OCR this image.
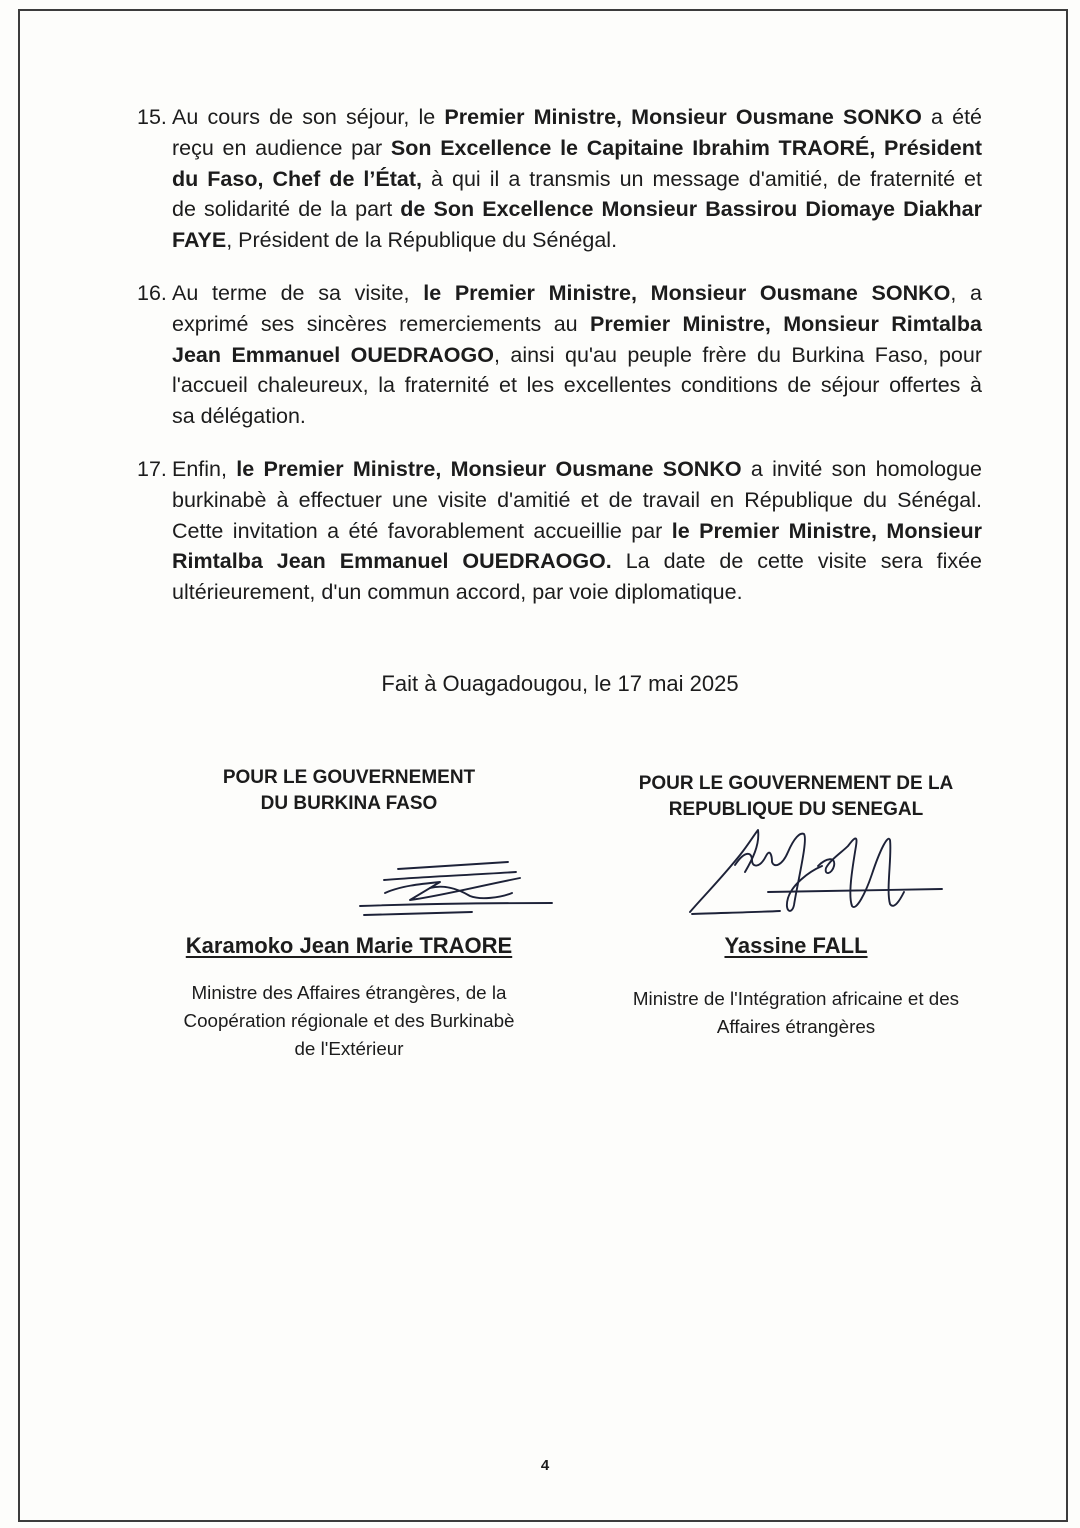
15. Au cours de son séjour, le Premier Ministre, Monsieur Ousmane SONKO a été
reçu en audience par Son Excellence le Capitaine Ibrahim TRAORÉ, Président
du Faso, Chef de l’État, à qui il a transmis un message d'amitié, de fraternité et
de solidarité de la part de Son Excellence Monsieur Bassirou Diomaye Diakhar
FAYE, Président de la République du Sénégal.
16. Au terme de sa visite, le Premier Ministre, Monsieur Ousmane SONKO, a
exprimé ses sincères remerciements au Premier Ministre, Monsieur Rimtalba
Jean Emmanuel OUEDRAOGO, ainsi qu'au peuple frère du Burkina Faso, pour
l'accueil chaleureux, la fraternité et les excellentes conditions de séjour offertes à
sa délégation.
17. Enfin, le Premier Ministre, Monsieur Ousmane SONKO a invité son homologue
burkinabè à effectuer une visite d'amitié et de travail en République du Sénégal.
Cette invitation a été favorablement accueillie par le Premier Ministre, Monsieur
Rimtalba Jean Emmanuel OUEDRAOGO. La date de cette visite sera fixée
ultérieurement, d'un commun accord, par voie diplomatique.
Fait à Ouagadougou, le 17 mai 2025
POUR LE GOUVERNEMENT
DU BURKINA FASO
POUR LE GOUVERNEMENT DE LA
REPUBLIQUE DU SENEGAL
Karamoko Jean Marie TRAORE	Yassine FALL
Ministre des Affaires étrangères, de la
Coopération régionale et des Burkinabè
de l'Extérieur
Ministre de l'Intégration africaine et des
Affaires étrangères
4
